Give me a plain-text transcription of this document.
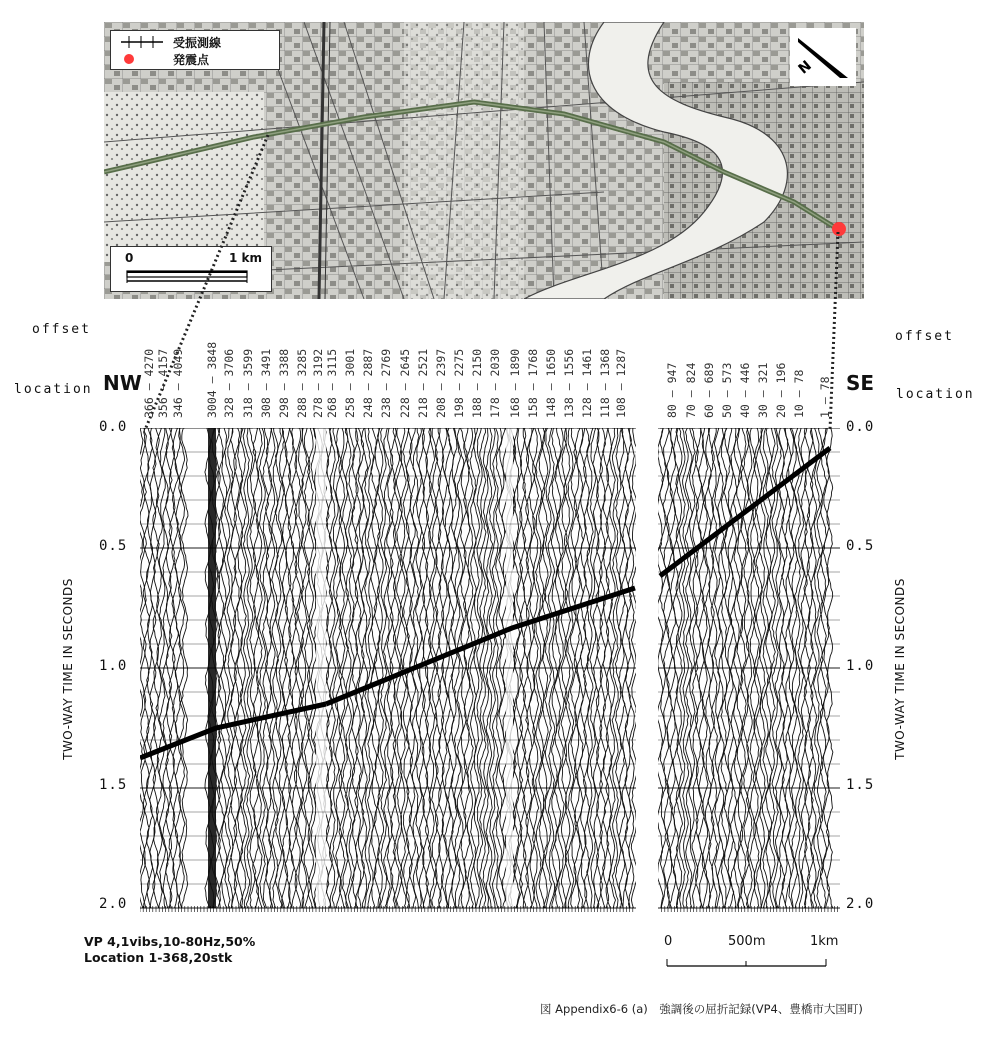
受振測線
発震点
0	1 km
N
offset
location
offset
location
NW	SE
366 — 4270 356 — 4157 346 — 4049 3004 — 3848 328 — 3706 318 — 3599 308 — 3491 298 — 3388 288 — 3285 278 — 3192 268 — 3115 258 — 3001 248 — 2887 238 — 2769 228 — 2645 218 — 2521 208 — 2397 198 — 2275 188 — 2150 178 — 2030 168 — 1890 158 — 1768 148 — 1650 138 — 1556 128 — 1461 118 — 1368 108 — 1287	80 — 947 70 — 824 60 — 689 50 — 573 40 — 446 30 — 321 20 — 196 10 — 78 1 — 78
0.0
0.5
1.0
1.5
2.0
0.0
0.5
1.0
1.5
2.0
TWO-WAY TIME IN SECONDS	TWO-WAY TIME IN SECONDS
VP 4,1vibs,10-80Hz,50%
Location 1-368,20stk
0	500m	1km
図 Appendix6-6 (a)　強調後の屈折記録(VP4、豊橋市大国町)
